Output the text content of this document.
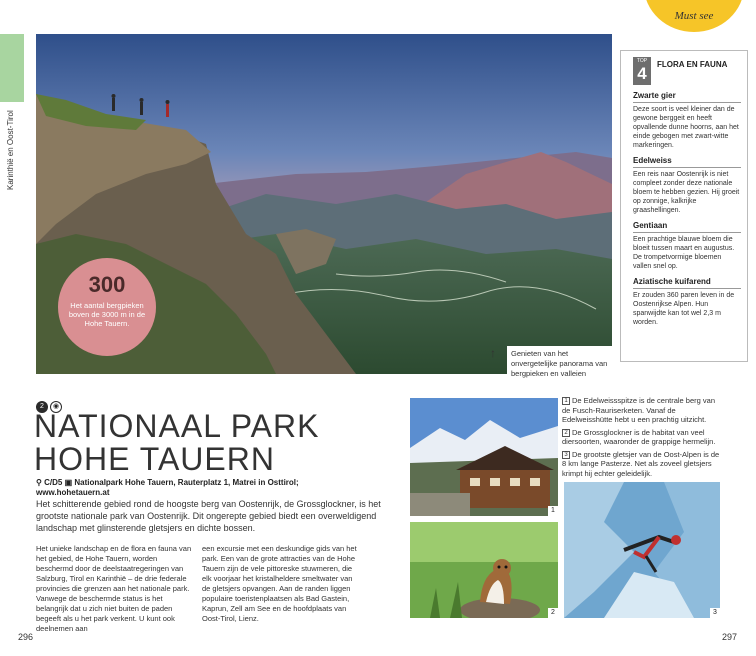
Karinthië en Oost-Tirol
Must see
300
Het aantal bergpieken boven de 3000 m in de Hohe Tauern.
↑	Genieten van het onvergetelijke panorama van bergpieken en valleien
TOP
4	FLORA EN FAUNA
Zwarte gier

Deze soort is veel kleiner dan de gewone berggeit en heeft opvallende dunne hoorns, aan het einde gebogen met zwart-witte markeringen.

Edelweiss

Een reis naar Oostenrijk is niet compleet zonder deze nationale bloem te hebben gezien. Hij groeit op zonnige, kalkrijke graashellingen.

Gentiaan

Een prachtige blauwe bloem die bloeit tussen maart en augustus. De trompetvormige bloemen vallen snel op.

Aziatische kuifarend

Er zouden 360 paren leven in de Oostenrijkse Alpen. Hun spanwijdte kan tot wel 2,3 m worden.

2 ◉
NATIONAAL PARK
HOHE TAUERN
⚲ C/D5 ▣ Nationalpark Hohe Tauern, Rauterplatz 1, Matrei in Osttirol;
www.hohetauern.at

Het schitterende gebied rond de hoogste berg van Oostenrijk, de Grossglockner, is het grootste nationale park van Oostenrijk. Dit ongerepte gebied biedt een overweldigend landschap met glinsterende gletsjers en dichte bossen.

Het unieke landschap en de flora en fauna van het gebied, de Hohe Tauern, worden beschermd door de deelstaatregeringen van Salzburg, Tirol en Karinthië – de drie federale provincies die grenzen aan het nationale park. Vanwege de beschermde status is het belangrijk dat u zich niet buiten de paden begeeft als u het park verkent. U kunt ook deelnemen aan

een excursie met een deskundige gids van het park. Een van de grote attracties van de Hohe Tauern zijn de vele pittoreske stuwmeren, die elk voorjaar het kristalheldere smeltwater van de gletsjers opvangen. Aan de randen liggen populaire toeristenplaatsen als Bad Gastein, Kaprun, Zell am See en de hoofdplaats van Oost-Tirol, Lienz.

1
2	3

1 De Edelweissspitze is de centrale berg van de Fusch-Rauriserketen. Vanaf de Edelweisshütte hebt u een prachtig uitzicht.

2 De Grossglockner is de habitat van veel diersoorten, waaronder de grappige hermelijn.

3 De grootste gletsjer van de Oost-Alpen is de 8 km lange Pasterze. Net als zoveel gletsjers krimpt hij echter geleidelijk.

296	297
